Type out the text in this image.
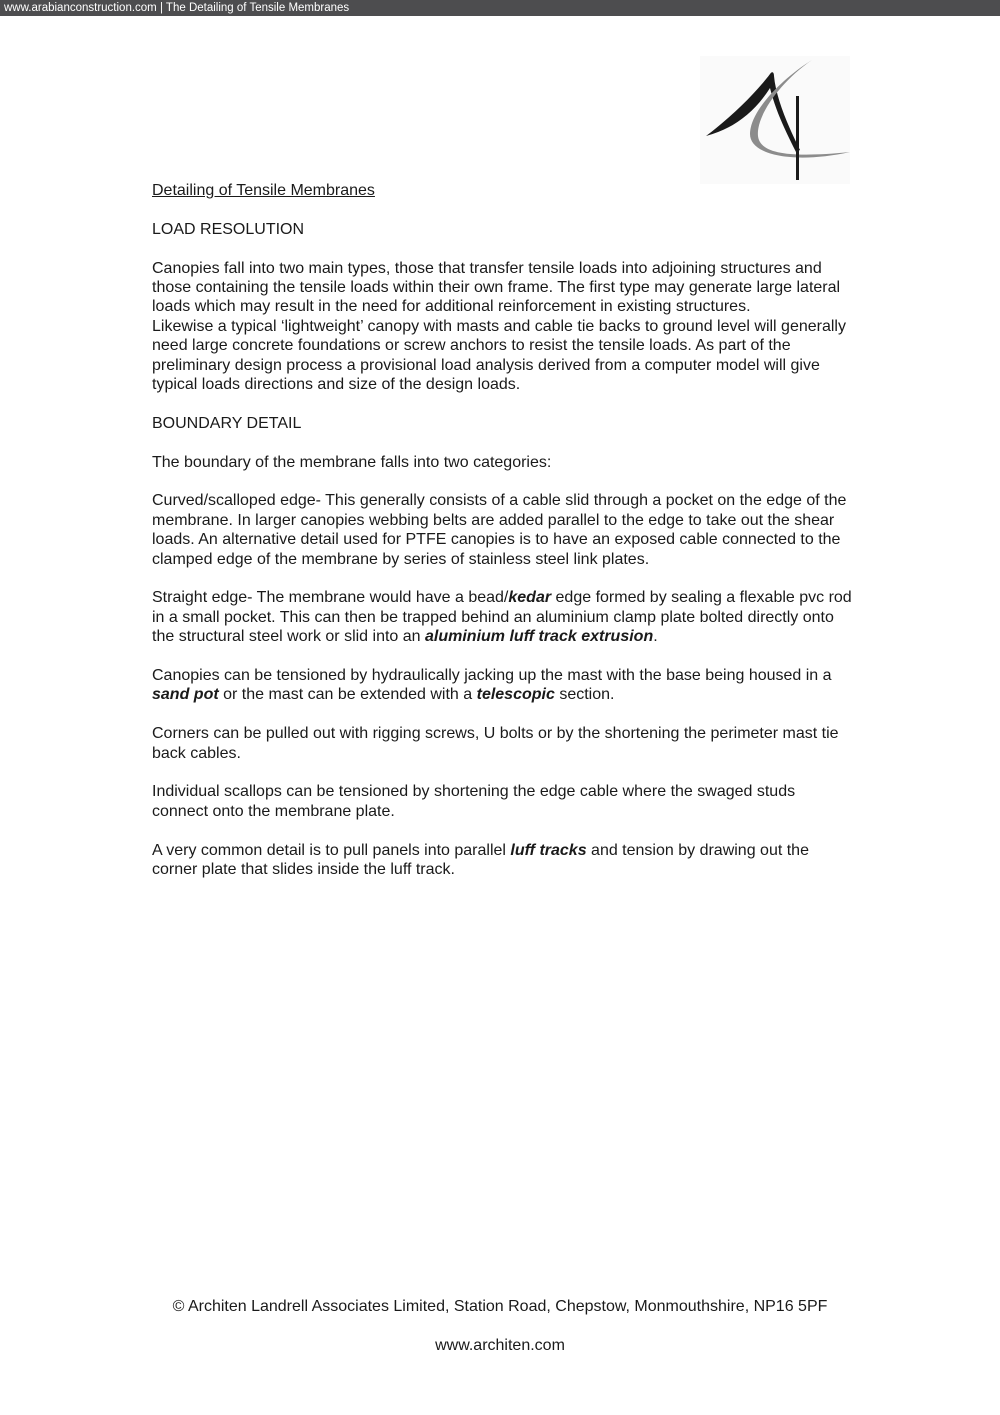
www.arabianconstruction.com | The Detailing of Tensile Membranes

Detailing of Tensile Membranes

LOAD RESOLUTION

Canopies fall into two main types, those that transfer tensile loads into adjoining structures and those containing the tensile loads within their own frame. The first type may generate large lateral loads which may result in the need for additional reinforcement in existing structures.
Likewise a typical ‘lightweight’ canopy with masts and cable tie backs to ground level will generally need large concrete foundations or screw anchors to resist the tensile loads. As part of the preliminary design process a provisional load analysis derived from a computer model will give typical loads directions and size of the design loads.

BOUNDARY DETAIL

The boundary of the membrane falls into two categories:

Curved/scalloped edge- This generally consists of a cable slid through a pocket on the edge of the membrane. In larger canopies webbing belts are added parallel to the edge to take out the shear loads. An alternative detail used for PTFE canopies is to have an exposed cable connected to the clamped edge of the membrane by series of stainless steel link plates.

Straight edge- The membrane would have a bead/kedar edge formed by sealing a flexable pvc rod in a small pocket. This can then be trapped behind an aluminium clamp plate bolted directly onto the structural steel work or slid into an aluminium luff track extrusion.

Canopies can be tensioned by hydraulically jacking up the mast with the base being housed in a sand pot or the mast can be extended with a telescopic section.

Corners can be pulled out with rigging screws, U bolts or by the shortening the perimeter mast tie back cables.

Individual scallops can be tensioned by shortening the edge cable where the swaged studs connect onto the membrane plate.

A very common detail is to pull panels into parallel luff tracks and tension by drawing out the corner plate that slides inside the luff track.

© Architen Landrell Associates Limited, Station Road, Chepstow, Monmouthshire, NP16 5PF
www.architen.com
